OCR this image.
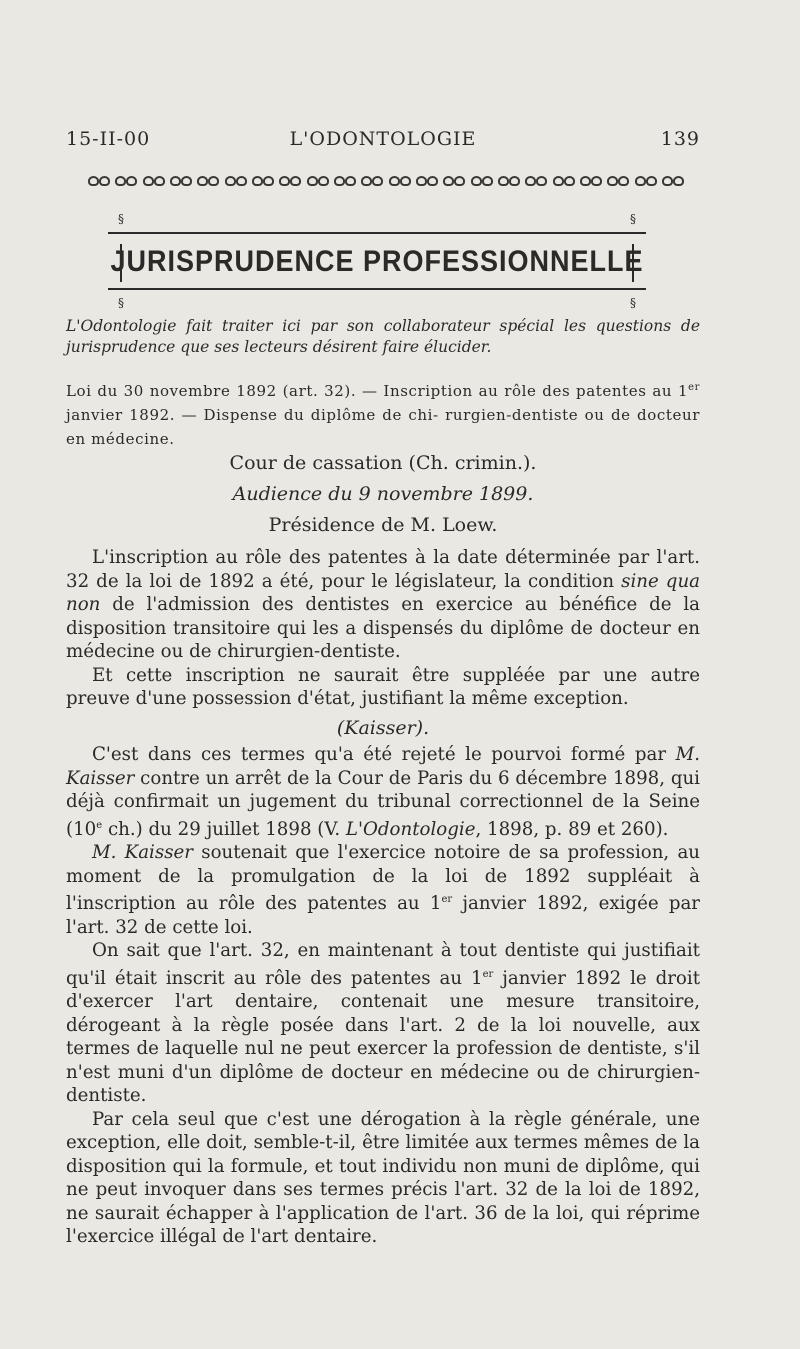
15-II-00	L'ODONTOLOGIE	139
§	§
§	§
JURISPRUDENCE PROFESSIONNELLE
L'Odontologie fait traiter ici par son collaborateur spécial les questions de jurisprudence que ses lecteurs désirent faire élucider.
Loi du 30 novembre 1892 (art. 32). — Inscription au rôle des patentes au 1er janvier 1892. — Dispense du diplôme de chi- rurgien-dentiste ou de docteur en médecine.
Cour de cassation (Ch. crimin.).
Audience du 9 novembre 1899.
Présidence de M. Loew.

L'inscription au rôle des patentes à la date déterminée par l'art. 32 de la loi de 1892 a été, pour le législateur, la condition sine qua non de l'admission des dentistes en exercice au bénéfice de la disposition transitoire qui les a dispensés du diplôme de docteur en médecine ou de chirurgien-dentiste.

Et cette inscription ne saurait être suppléée par une autre preuve d'une possession d'état, justifiant la même exception.

(Kaisser).

C'est dans ces termes qu'a été rejeté le pourvoi formé par M. Kaisser contre un arrêt de la Cour de Paris du 6 décembre 1898, qui déjà confirmait un jugement du tribunal correctionnel de la Seine (10e ch.) du 29 juillet 1898 (V. L'Odontologie, 1898, p. 89 et 260).

M. Kaisser soutenait que l'exercice notoire de sa profession, au moment de la promulgation de la loi de 1892 suppléait à l'inscription au rôle des patentes au 1er janvier 1892, exigée par l'art. 32 de cette loi.

On sait que l'art. 32, en maintenant à tout dentiste qui justifiait qu'il était inscrit au rôle des patentes au 1er janvier 1892 le droit d'exercer l'art dentaire, contenait une mesure transitoire, dérogeant à la règle posée dans l'art. 2 de la loi nouvelle, aux termes de laquelle nul ne peut exercer la profession de dentiste, s'il n'est muni d'un diplôme de docteur en médecine ou de chirurgien-dentiste.

Par cela seul que c'est une dérogation à la règle générale, une exception, elle doit, semble-t-il, être limitée aux termes mêmes de la disposition qui la formule, et tout individu non muni de diplôme, qui ne peut invoquer dans ses termes précis l'art. 32 de la loi de 1892, ne saurait échapper à l'application de l'art. 36 de la loi, qui réprime l'exercice illégal de l'art dentaire.
